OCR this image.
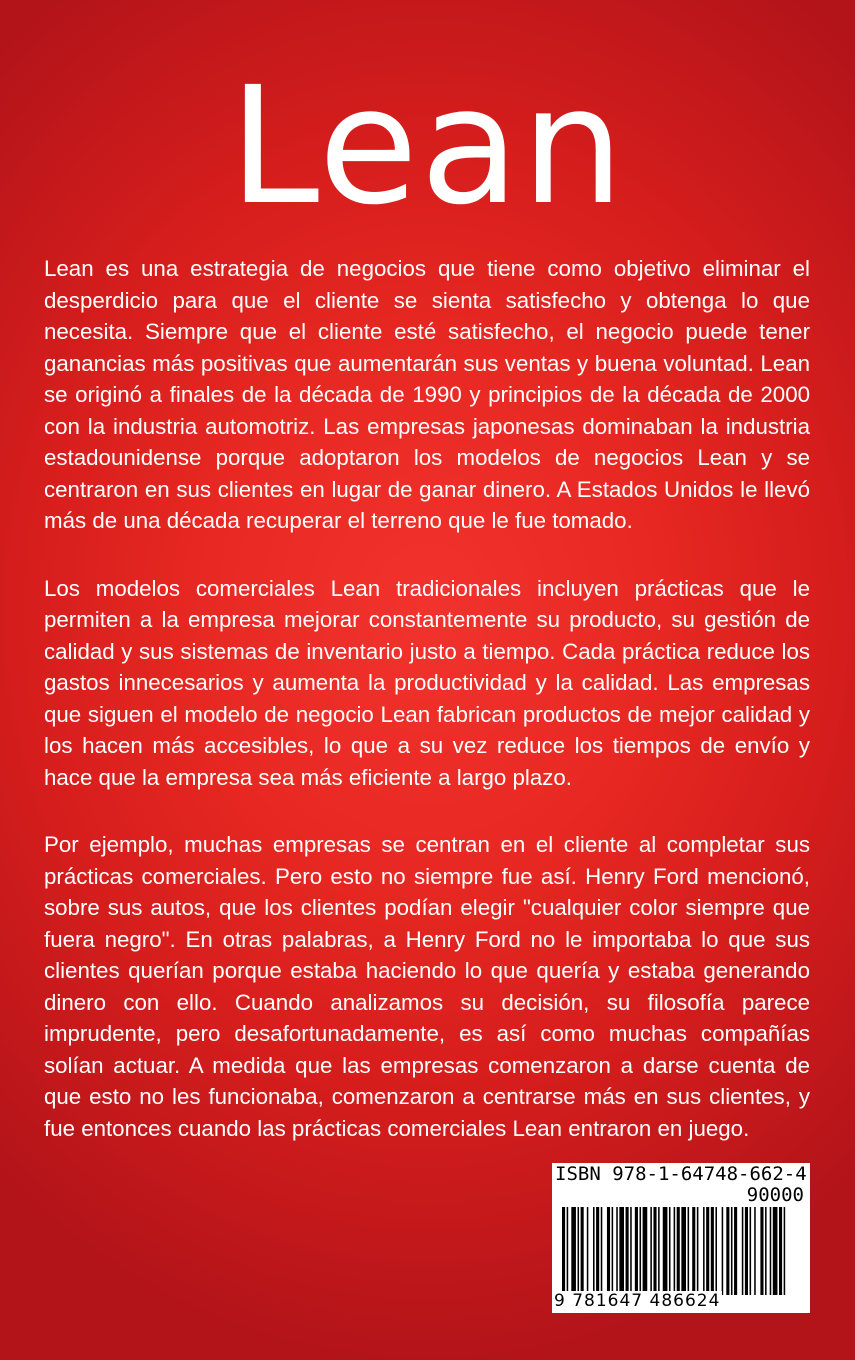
Lean

Lean es una estrategia de negocios que tiene como objetivo eliminar el desperdicio para que el cliente se sienta satisfecho y obtenga lo que necesita. Siempre que el cliente esté satisfecho, el negocio puede tener ganancias más positivas que aumentarán sus ventas y buena voluntad. Lean se originó a finales de la década de 1990 y principios de la década de 2000 con la industria automotriz. Las empresas japonesas dominaban la industria estadounidense porque adoptaron los modelos de negocios Lean y se centraron en sus clientes en lugar de ganar dinero. A Estados Unidos le llevó más de una década recuperar el terreno que le fue tomado.

Los modelos comerciales Lean tradicionales incluyen prácticas que le permiten a la empresa mejorar constantemente su producto, su gestión de calidad y sus sistemas de inventario justo a tiempo. Cada práctica reduce los gastos innecesarios y aumenta la productividad y la calidad. Las empresas que siguen el modelo de negocio Lean fabrican productos de mejor calidad y los hacen más accesibles, lo que a su vez reduce los tiempos de envío y hace que la empresa sea más eficiente a largo plazo.

Por ejemplo, muchas empresas se centran en el cliente al completar sus prácticas comerciales. Pero esto no siempre fue así. Henry Ford mencionó, sobre sus autos, que los clientes podían elegir "cualquier color siempre que fuera negro". En otras palabras, a Henry Ford no le importaba lo que sus clientes querían porque estaba haciendo lo que quería y estaba generando dinero con ello. Cuando analizamos su decisión, su filosofía parece imprudente, pero desafortunadamente, es así como muchas compañías solían actuar. A medida que las empresas comenzaron a darse cuenta de que esto no les funcionaba, comenzaron a centrarse más en sus clientes, y fue entonces cuando las prácticas comerciales Lean entraron en juego.

ISBN 978-1-64748-662-4
90000
9 781647 486624
